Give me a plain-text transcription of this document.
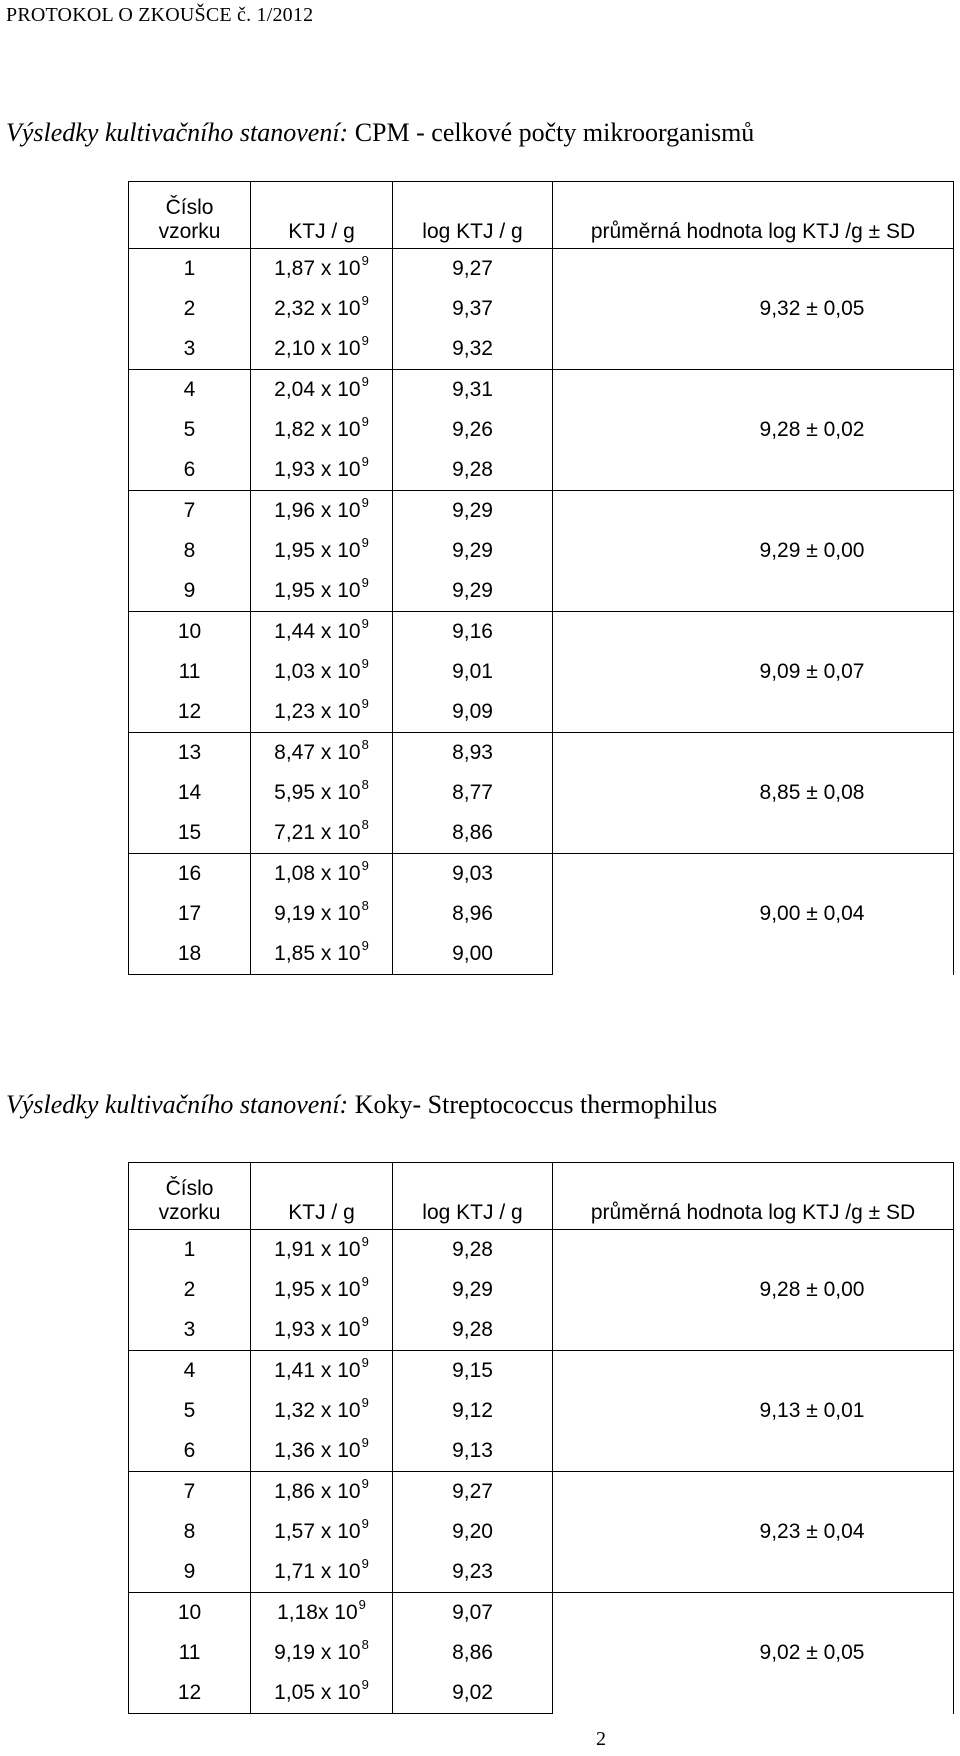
PROTOKOL O ZKOUŠCE č. 1/2012
Výsledky kultivačního stanovení: CPM - celkové počty mikroorganismů
Číslo
vzorku	KTJ / g	log KTJ / g	průměrná hodnota log KTJ /g ± SD
1	1,87 x $10^9$	9,27	9,32 ± 0,05
2	2,32 x $10^9$	9,37	
3	2,10 x $10^9$	9,32	
4	2,04 x $10^9$	9,31	9,28 ± 0,02
5	1,82 x $10^9$	9,26	
6	1,93 x $10^9$	9,28	
7	1,96 x $10^9$	9,29	9,29 ± 0,00
8	1,95 x $10^9$	9,29	
9	1,95 x $10^9$	9,29	
10	1,44 x $10^9$	9,16	9,09 ± 0,07
11	1,03 x $10^9$	9,01	
12	1,23 x $10^9$	9,09	
13	8,47 x $10^8$	8,93	8,85 ± 0,08
14	5,95 x $10^8$	8,77	
15	7,21 x $10^8$	8,86	
16	1,08 x $10^9$	9,03	9,00 ± 0,04
17	9,19 x $10^8$	8,96	
18	1,85 x $10^9$	9,00	
Výsledky kultivačního stanovení: Koky- Streptococcus thermophilus
Číslo
vzorku	KTJ / g	log KTJ / g	průměrná hodnota log KTJ /g ± SD
1	1,91 x $10^9$	9,28	9,28 ± 0,00
2	1,95 x $10^9$	9,29	
3	1,93 x $10^9$	9,28	
4	1,41 x $10^9$	9,15	9,13 ± 0,01
5	1,32 x $10^9$	9,12	
6	1,36 x $10^9$	9,13	
7	1,86 x $10^9$	9,27	9,23 ± 0,04
8	1,57 x $10^9$	9,20	
9	1,71 x $10^9$	9,23	
10	1,18x $10^9$	9,07	9,02 ± 0,05
11	9,19 x $10^8$	8,86	
12	1,05 x $10^9$	9,02	
2
